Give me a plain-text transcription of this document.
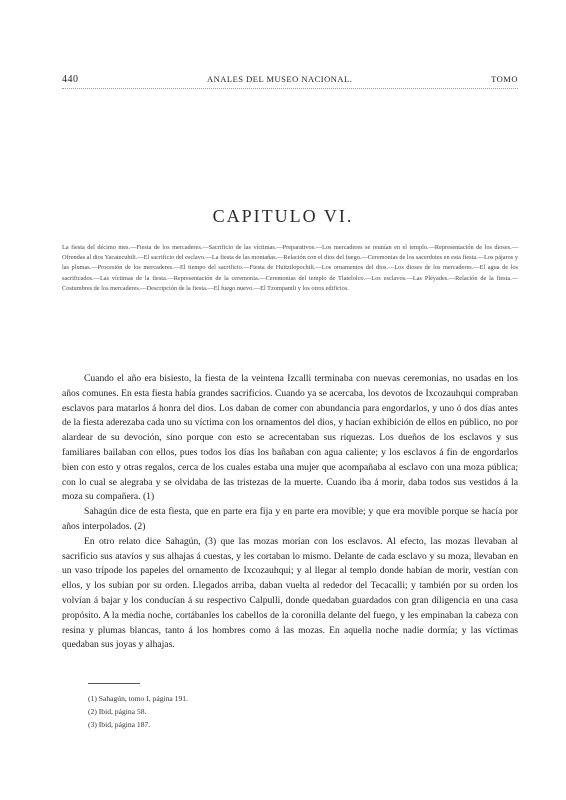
440	ANALES DEL MUSEO NACIONAL.	TOMO
CAPITULO VI.
La fiesta del décimo mes.—Fiesta de los mercaderes.—Sacrificio de las víctimas.—Preparativos.—Los mercaderes se reunían en el templo.—Representación de los dioses.—Ofrendas al dios Yacatecuhtli.—El sacrificio del esclavo.—La fiesta de las montañas.—Relación con el dios del fuego.—Ceremonias de los sacerdotes en esta fiesta.—Los pájaros y las plumas.—Procesión de los mercaderes.—El tiempo del sacrificio.—Fiesta de Huitzilopochtli.—Los ornamentos del dios.—Los dioses de los mercaderes.—El agua de los sacrificados.—Las víctimas de la fiesta.—Representación de la ceremonia.—Ceremonias del templo de Tlatelolco.—Los esclavos.—Las Pléyades.—Relación de la fiesta.—Costumbres de los mercaderes.—Descripción de la fiesta.—El fuego nuevo.—El Tzompantli y los otros edificios.

Cuando el año era bisiesto, la fiesta de la veintena Izcalli terminaba con nuevas ceremonias, no usadas en los años comunes. En esta fiesta había grandes sacrificios. Cuando ya se acercaba, los devotos de Ixcozauhqui compraban esclavos para matarlos á honra del dios. Los daban de comer con abundancia para engordarlos, y uno ó dos días antes de la fiesta aderezaba cada uno su víctima con los ornamentos del dios, y hacían exhibición de ellos en público, no por alardear de su devoción, sino porque con esto se acrecentaban sus riquezas. Los dueños de los esclavos y sus familiares bailaban con ellos, pues todos los días los bañaban con agua caliente; y los esclavos á fin de engordarlos bien con esto y otras regalos, cerca de los cuales estaba una mujer que acompañaba al esclavo con una moza pública; con lo cual se alegraba y se olvidaba de las tristezas de la muerte. Cuando iba á morir, daba todos sus vestidos á la moza su compañera. (1)

Sahagún dice de esta fiesta, que en parte era fija y en parte era movible; y que era movible porque se hacía por años interpolados. (2)

En otro relato dice Sahagún, (3) que las mozas morían con los esclavos. Al efecto, las mozas llevaban al sacrificio sus atavíos y sus alhajas á cuestas, y les cortaban lo mismo. Delante de cada esclavo y su moza, llevaban en un vaso trípode los papeles del ornamento de Ixcozauhqui; y al llegar al templo donde habían de morir, vestían con ellos, y los subían por su orden. Llegados arriba, daban vuelta al rededor del Tecacalli; y también por su orden los volvían á bajar y los conducían á su respectivo Calpulli, donde quedaban guardados con gran diligencia en una casa propósito. A la media noche, cortábanles los cabellos de la coronilla delante del fuego, y les empinaban la cabeza con resina y plumas blancas, tanto á los hombres como á las mozas. En aquella noche nadie dormía; y las víctimas quedaban sus joyas y alhajas.

(1) Sahagún, tomo I, página 191.
(2) Ibid, página 58.
(3) Ibid, página 187.
